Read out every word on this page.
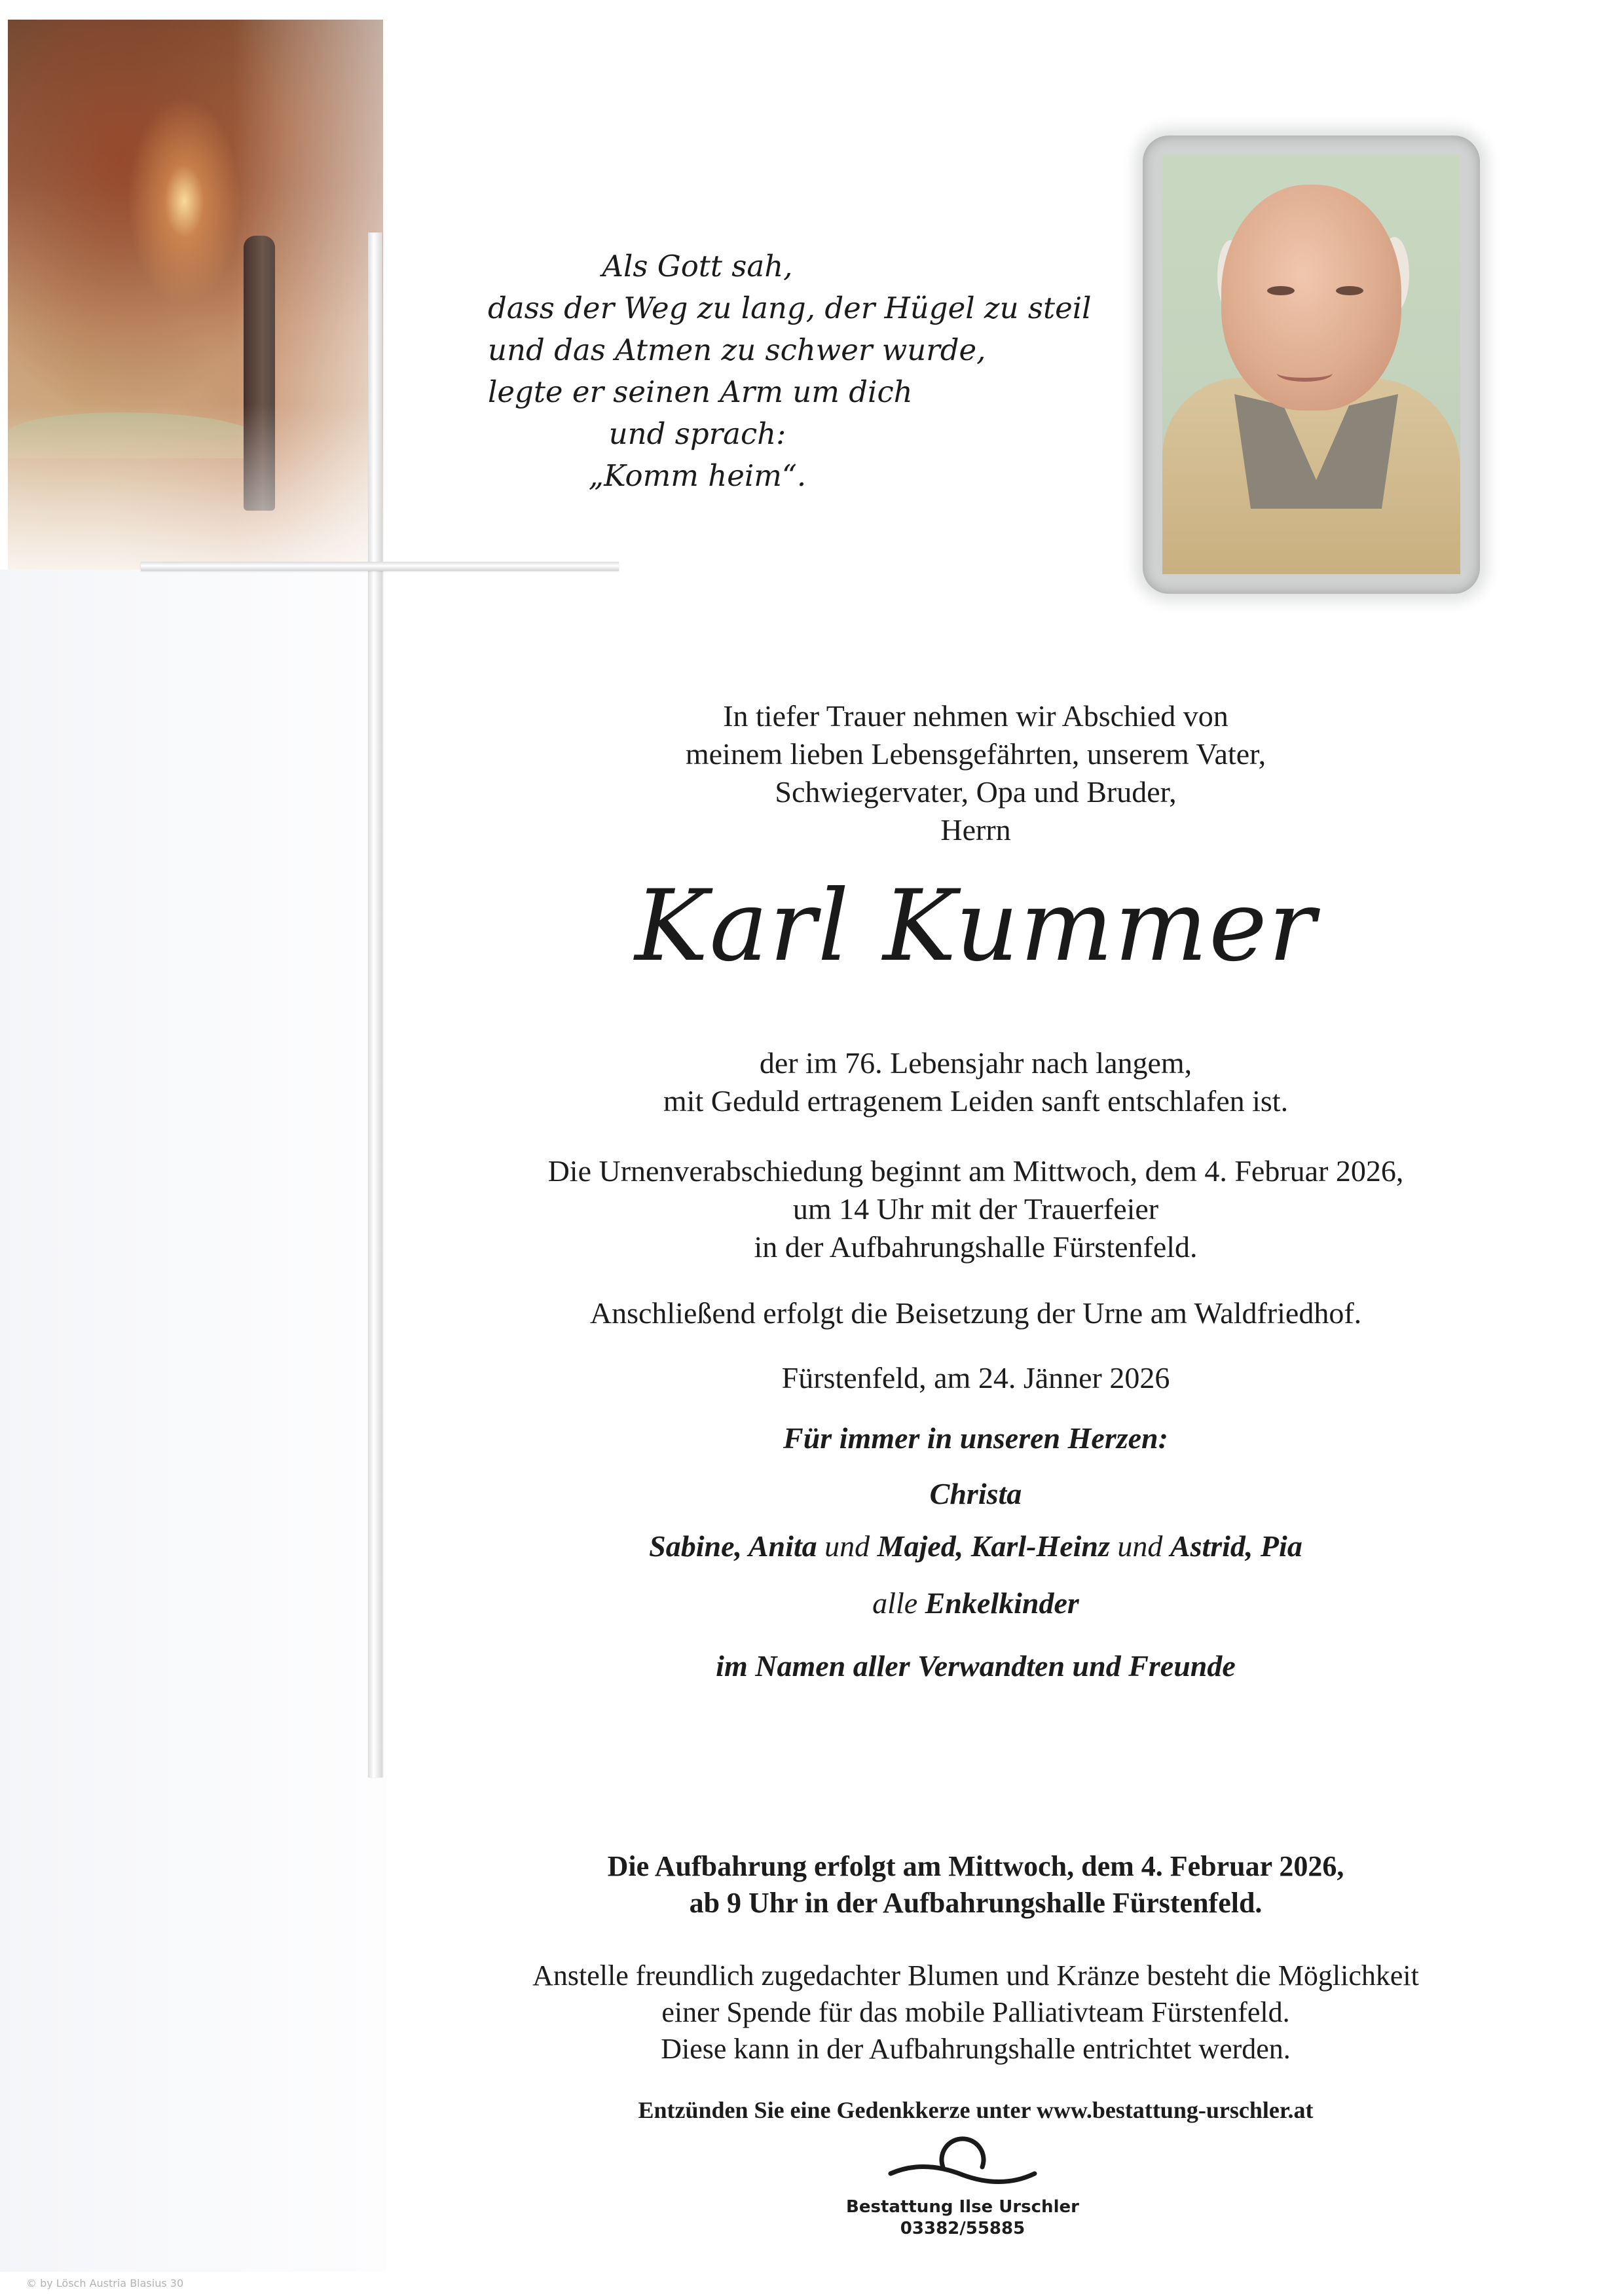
Als Gott sah,
dass der Weg zu lang, der Hügel zu steil
und das Atmen zu schwer wurde,
legte er seinen Arm um dich
und sprach:
„Komm heim“.
In tiefer Trauer nehmen wir Abschied von
meinem lieben Lebensgefährten, unserem Vater,
Schwiegervater, Opa und Bruder,
Herrn
Karl Kummer
der im 76. Lebensjahr nach langem,
mit Geduld ertragenem Leiden sanft entschlafen ist.
Die Urnenverabschiedung beginnt am Mittwoch, dem 4. Februar 2026,
um 14 Uhr mit der Trauerfeier
in der Aufbahrungshalle Fürstenfeld.
Anschließend erfolgt die Beisetzung der Urne am Waldfriedhof.
Fürstenfeld, am 24. Jänner 2026
Für immer in unseren Herzen:
Christa
Sabine, Anita und Majed, Karl-Heinz und Astrid, Pia
alle Enkelkinder
im Namen aller Verwandten und Freunde
Die Aufbahrung erfolgt am Mittwoch, dem 4. Februar 2026,
ab 9 Uhr in der Aufbahrungshalle Fürstenfeld.
Anstelle freundlich zugedachter Blumen und Kränze besteht die Möglichkeit
einer Spende für das mobile Palliativteam Fürstenfeld.
Diese kann in der Aufbahrungshalle entrichtet werden.
Entzünden Sie eine Gedenkkerze unter www.bestattung-urschler.at
Bestattung Ilse Urschler
03382/55885
© by Lösch Austria Blasius 30
